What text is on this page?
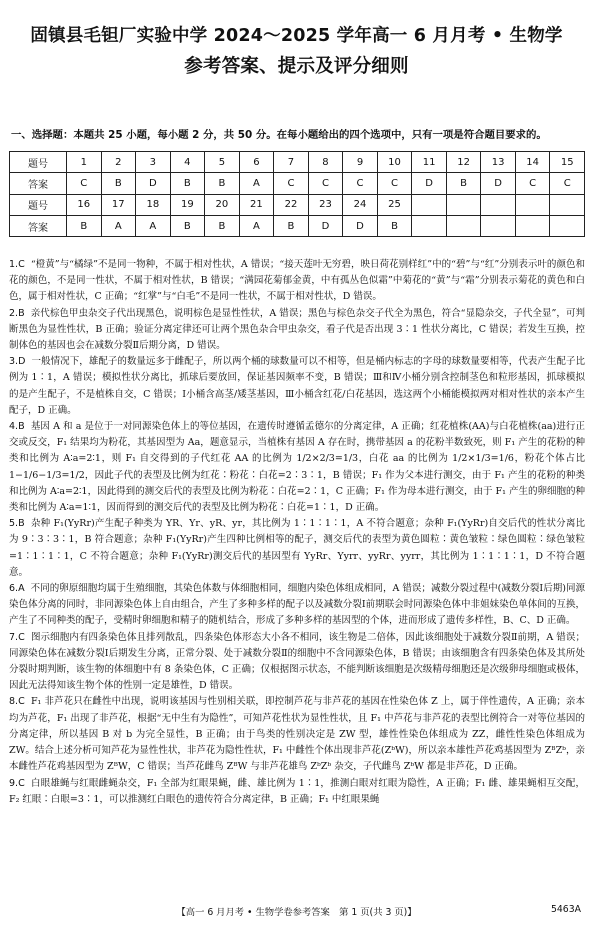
固镇县毛钽厂实验中学 2024～2025 学年高一 6 月月考 • 生物学
参考答案、提示及评分细则
一、选择题：本题共 25 小题，每小题 2 分，共 50 分。在每小题给出的四个选项中，只有一项是符合题目要求的。
题号	1	2	3	4	5	6	7	8	9	10	11	12	13	14	15
答案	C	B	D	B	B	A	C	C	C	C	D	B	D	C	C
题号	16	17	18	19	20	21	22	23	24	25					
答案	B	A	A	B	B	A	B	D	D	B					

1.C “橙黄”与“橘绿”不是同一物种，不属于相对性状，A 错误；“接天莲叶无穷碧，映日荷花别样红”中的“碧”与“红”分别表示叶的颜色和花的颜色，不是同一性状，不属于相对性状，B 错误；“满园花菊郁金黄，中有孤丛色似霜”中菊花的“黄”与“霜”分别表示菊花的黄色和白色，属于相对性状，C 正确；“红掌”与“白毛”不是同一性状，不属于相对性状，D 错误。

2.B 亲代棕色甲虫杂交子代出现黑色，说明棕色是显性性状，A 错误；黑色与棕色杂交子代全为黑色，符合“显隐杂交，子代全显”，可判断黑色为显性性状，B 正确；验证分离定律还可让两个黑色杂合甲虫杂交，看子代是否出现 3∶1 性状分离比，C 错误；若发生互换，控制体色的基因也会在减数分裂Ⅱ后期分离，D 错误。

3.D 一般情况下，雄配子的数量远多于雌配子，所以两个桶的球数量可以不相等，但是桶内标志的字母的球数量要相等，代表产生配子比例为 1∶1，A 错误；模拟性状分离比，抓球后要放回，保证基因频率不变，B 错误；Ⅲ和Ⅳ小桶分别含控制茎色和粒形基因，抓球模拟的是产生配子，不是植株自交，C 错误；Ⅰ小桶含高茎/矮茎基因，Ⅲ小桶含红花/白花基因，选这两个小桶能模拟两对相对性状的亲本产生配子，D 正确。

4.B 基因 A 和 a 是位于一对同源染色体上的等位基因，在遗传时遵循孟德尔的分离定律，A 正确；红花植株(AA)与白花植株(aa)进行正交或反交，F₁ 结果均为粉花，其基因型为 Aa，题意显示，当植株有基因 A 存在时，携带基因 a 的花粉半数致死，则 F₁ 产生的花粉的种类和比例为 A∶a=2∶1，则 F₁ 自交得到的子代红花 AA 的比例为 1/2×2/3=1/3，白花 aa 的比例为 1/2×1/3=1/6，粉花个体占比 1−1/6−1/3=1/2，因此子代的表型及比例为红花∶粉花∶白花=2∶3∶1，B 错误；F₁ 作为父本进行测交，由于 F₁ 产生的花粉的种类和比例为 A∶a=2∶1，因此得到的测交后代的表型及比例为粉花∶白花=2∶1，C 正确；F₁ 作为母本进行测交，由于 F₁ 产生的卵细胞的种类和比例为 A∶a=1∶1，因而得到的测交后代的表型及比例为粉花∶白花=1∶1，D 正确。

5.B 杂种 F₁(YyRr)产生配子种类为 YR、Yr、yR、yr，其比例为 1∶1∶1∶1，A 不符合题意；杂种 F₁(YyRr)自交后代的性状分离比为 9∶3∶3∶1，B 符合题意；杂种 F₁(YyRr)产生四种比例相等的配子，测交后代的表型为黄色圆粒∶黄色皱粒∶绿色圆粒∶绿色皱粒=1∶1∶1∶1，C 不符合题意；杂种 F₁(YyRr)测交后代的基因型有 YyRr、Yyrr、yyRr、yyrr，其比例为 1∶1∶1∶1，D 不符合题意。

6.A 不同的卵原细胞均属于生殖细胞，其染色体数与体细胞相同，细胞内染色体组成相同，A 错误；减数分裂过程中(减数分裂Ⅰ后期)同源染色体分离的同时，非同源染色体上自由组合，产生了多种多样的配子以及减数分裂Ⅰ前期联会时同源染色体中非姐妹染色单体间的互换，产生了不同种类的配子，受精时卵细胞和精子的随机结合，形成了多种多样的基因型的个体，进而形成了遗传多样性，B、C、D 正确。

7.C 图示细胞内有四条染色体且排列散乱，四条染色体形态大小各不相同，该生物是二倍体，因此该细胞处于减数分裂Ⅱ前期，A 错误；同源染色体在减数分裂Ⅰ后期发生分离，正常分裂、处于减数分裂Ⅱ的细胞中不含同源染色体，B 错误；由该细胞含有四条染色体及其所处分裂时期判断，该生物的体细胞中有 8 条染色体，C 正确；仅根据图示状态，不能判断该细胞是次级精母细胞还是次级卵母细胞或极体，因此无法得知该生物个体的性别一定是雄性，D 错误。

8.C F₁ 非芦花只在雌性中出现，说明该基因与性别相关联，即控制芦花与非芦花的基因在性染色体 Z 上，属于伴性遗传，A 正确；亲本均为芦花，F₁ 出现了非芦花，根据“无中生有为隐性”，可知芦花性状为显性性状，且 F₁ 中芦花与非芦花的表型比例符合一对等位基因的分离定律，所以基因 B 对 b 为完全显性，B 正确；由于鸟类的性别决定是 ZW 型，雄性性染色体组成为 ZZ，雌性性染色体组成为 ZW。结合上述分析可知芦花为显性性状，非芦花为隐性性状，F₁ 中雌性个体出现非芦花(ZᵇW)，所以亲本雄性芦花鸡基因型为 ZᴮZᵇ，亲本雌性芦花鸡基因型为 ZᴮW，C 错误；当芦花雌鸟 ZᴮW 与非芦花雄鸟 ZᵇZᵇ 杂交，子代雌鸟 ZᵇW 都是非芦花，D 正确。

9.C 白眼雄蝇与红眼雌蝇杂交，F₁ 全部为红眼果蝇，雌、雄比例为 1∶1，推测白眼对红眼为隐性，A 正确；F₁ 雌、雄果蝇相互交配，F₂ 红眼∶白眼=3∶1，可以推测红白眼色的遗传符合分离定律，B 正确；F₁ 中红眼果蝇

【高一 6 月月考 • 生物学卷参考答案　第 1 页(共 3 页)】	5463A
